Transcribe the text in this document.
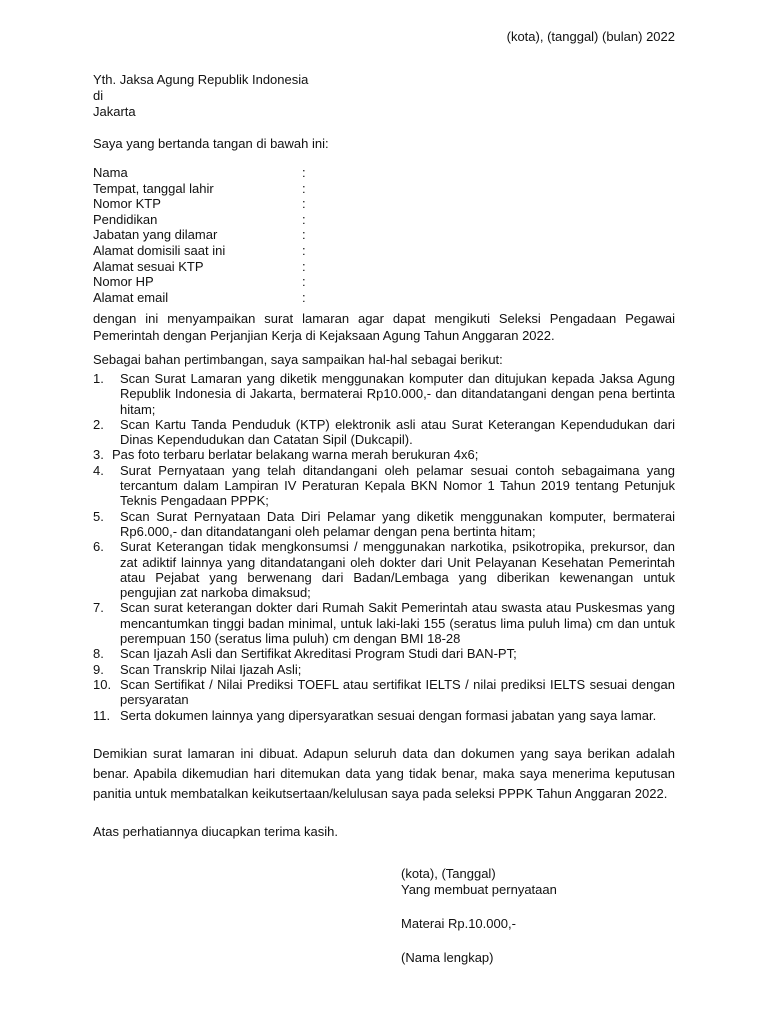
(kota), (tanggal) (bulan) 2022
Yth. Jaksa Agung Republik Indonesia
di
Jakarta
Saya yang bertanda tangan di bawah ini:
Nama	:
Tempat, tanggal lahir	:
Nomor KTP	:
Pendidikan	:
Jabatan yang dilamar	:
Alamat domisili saat ini	:
Alamat sesuai KTP	:
Nomor HP	:
Alamat email	:
dengan ini menyampaikan surat lamaran agar dapat mengikuti Seleksi Pengadaan Pegawai Pemerintah dengan Perjanjian Kerja di Kejaksaan Agung Tahun Anggaran 2022.
Sebagai bahan pertimbangan, saya sampaikan hal-hal sebagai berikut:
1. Scan Surat Lamaran yang diketik menggunakan komputer dan ditujukan kepada Jaksa Agung Republik Indonesia di Jakarta, bermaterai Rp10.000,- dan ditandatangani dengan pena bertinta hitam;
2. Scan Kartu Tanda Penduduk (KTP) elektronik asli atau Surat Keterangan Kependudukan dari Dinas Kependudukan dan Catatan Sipil (Dukcapil).
3. Pas foto terbaru berlatar belakang warna merah berukuran 4x6;
4. Surat Pernyataan yang telah ditandangani oleh pelamar sesuai contoh sebagaimana yang tercantum dalam Lampiran IV Peraturan Kepala BKN Nomor 1 Tahun 2019 tentang Petunjuk Teknis Pengadaan PPPK;
5. Scan Surat Pernyataan Data Diri Pelamar yang diketik menggunakan komputer, bermaterai Rp6.000,- dan ditandatangani oleh pelamar dengan pena bertinta hitam;
6. Surat Keterangan tidak mengkonsumsi / menggunakan narkotika, psikotropika, prekursor, dan zat adiktif lainnya yang ditandatangani oleh dokter dari Unit Pelayanan Kesehatan Pemerintah atau Pejabat yang berwenang dari Badan/Lembaga yang diberikan kewenangan untuk pengujian zat narkoba dimaksud;
7. Scan surat keterangan dokter dari Rumah Sakit Pemerintah atau swasta atau Puskesmas yang mencantumkan tinggi badan minimal, untuk laki-laki 155 (seratus lima puluh lima) cm dan untuk perempuan 150 (seratus lima puluh) cm dengan BMI 18-28
8. Scan Ijazah Asli dan Sertifikat Akreditasi Program Studi dari BAN-PT;
9. Scan Transkrip Nilai Ijazah Asli;
10. Scan Sertifikat / Nilai Prediksi TOEFL atau sertifikat IELTS / nilai prediksi IELTS sesuai dengan persyaratan
11. Serta dokumen lainnya yang dipersyaratkan sesuai dengan formasi jabatan yang saya lamar.
Demikian surat lamaran ini dibuat. Adapun seluruh data dan dokumen yang saya berikan adalah benar. Apabila dikemudian hari ditemukan data yang tidak benar, maka saya menerima keputusan panitia untuk membatalkan keikutsertaan/kelulusan saya pada seleksi PPPK Tahun Anggaran 2022.
Atas perhatiannya diucapkan terima kasih.
(kota), (Tanggal)
Yang membuat pernyataan
Materai Rp.10.000,-
(Nama lengkap)
